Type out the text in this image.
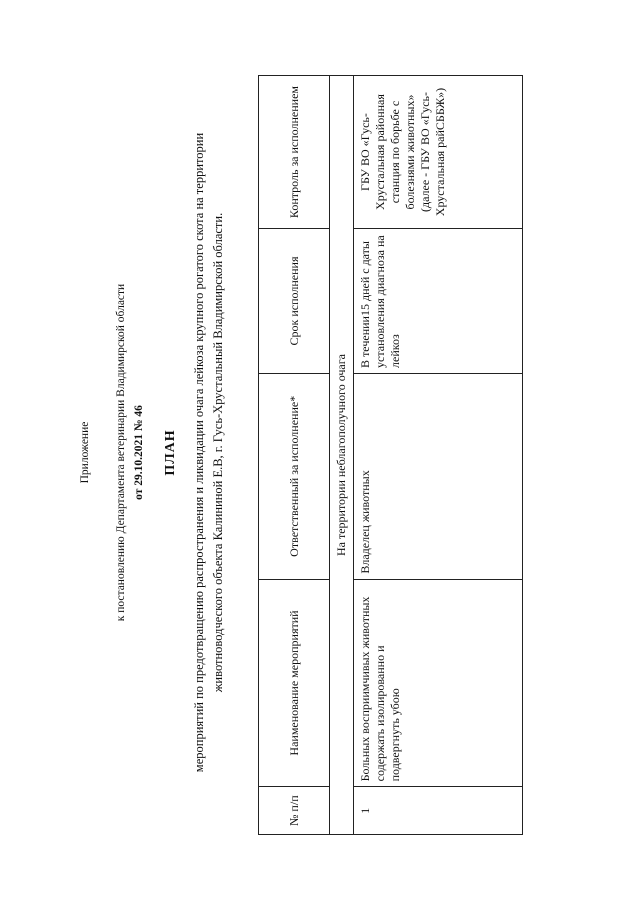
Приложение к постановлению Департамента ветеринарии Владимирской области от 29.10.2021 № 46 ПЛАН мероприятий по предотвращению распространения и ликвидации очага лейкоза крупного рогатого скота на территории животноводческого объекта Калининой Е.В, г. Гусь-Хрустальный Владимирской области.
№ п/п	Наименование мероприятий	Ответственный за исполнение*	Срок исполнения	Контроль за исполнением
На территории неблагополучного очага				
1	Больных восприимчивых животных содержать изолированно и подвергнуть убою	Владелец животных	В течении15 дней с даты установления диагноза на лейкоз	ГБУ ВО «Гусь-Хрустальная районная станция по борьбе с болезнями животных» (далее - ГБУ ВО «Гусь-Хрустальная райСББЖ»)
